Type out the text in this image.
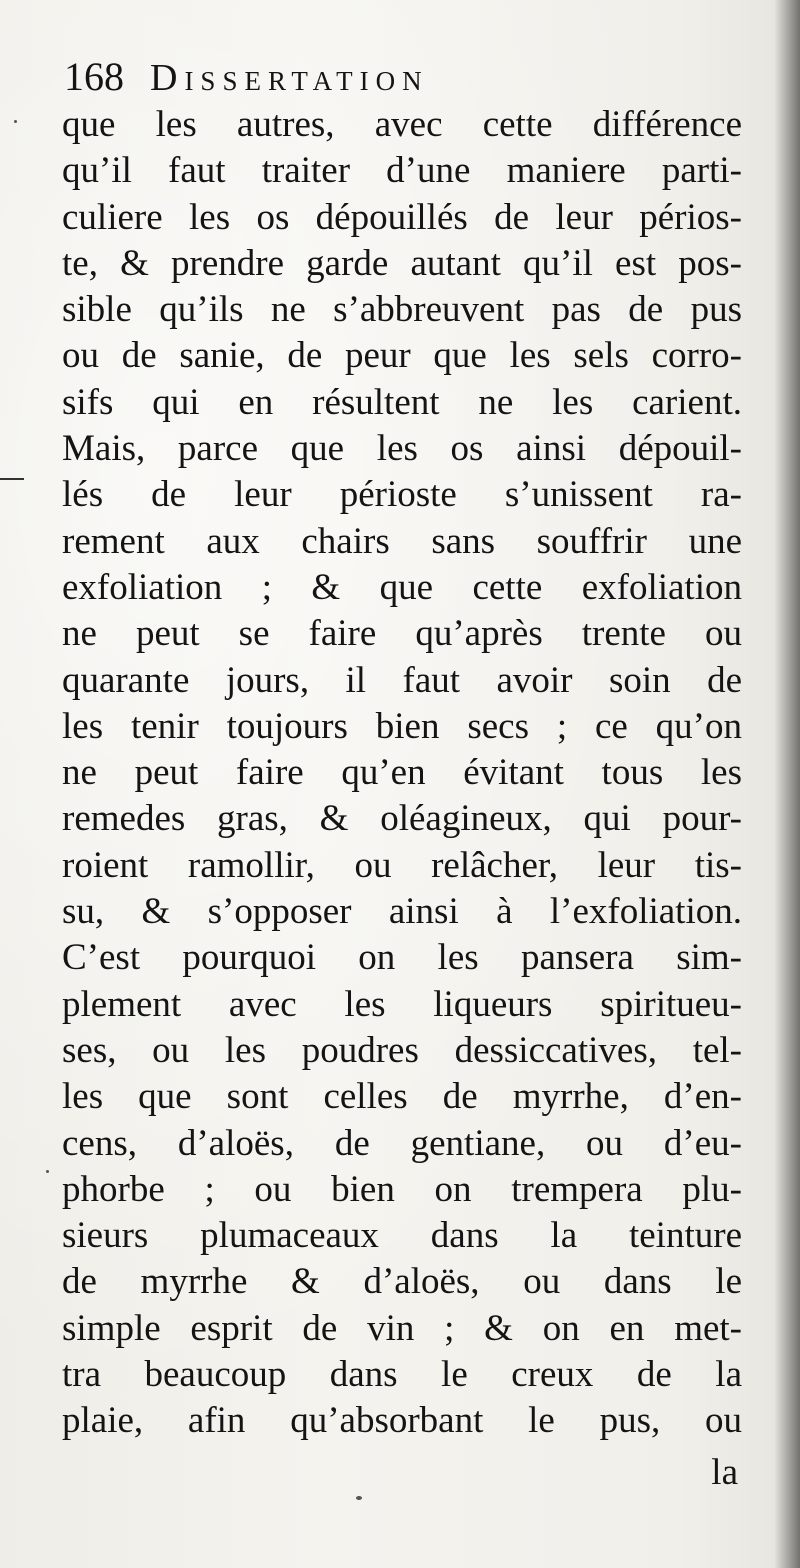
168 Dissertation
que les autres, avec cette différence
qu’il faut traiter d’une maniere parti-
culiere les os dépouillés de leur périos-
te, & prendre garde autant qu’il est pos-
sible qu’ils ne s’abbreuvent pas de pus
ou de sanie, de peur que les sels corro-
sifs qui en résultent ne les carient.
Mais, parce que les os ainsi dépouil-
lés de leur périoste s’unissent ra-
rement aux chairs sans souffrir une
exfoliation ; & que cette exfoliation
ne peut se faire qu’après trente ou
quarante jours, il faut avoir soin de
les tenir toujours bien secs ; ce qu’on
ne peut faire qu’en évitant tous les
remedes gras, & oléagineux, qui pour-
roient ramollir, ou relâcher, leur tis-
su, & s’opposer ainsi à l’exfoliation.
C’est pourquoi on les pansera sim-
plement avec les liqueurs spiritueu-
ses, ou les poudres dessiccatives, tel-
les que sont celles de myrrhe, d’en-
cens, d’aloës, de gentiane, ou d’eu-
phorbe ; ou bien on trempera plu-
sieurs plumaceaux dans la teinture
de myrrhe & d’aloës, ou dans le
simple esprit de vin ; & on en met-
tra beaucoup dans le creux de la
plaie, afin qu’absorbant le pus, ou
la
